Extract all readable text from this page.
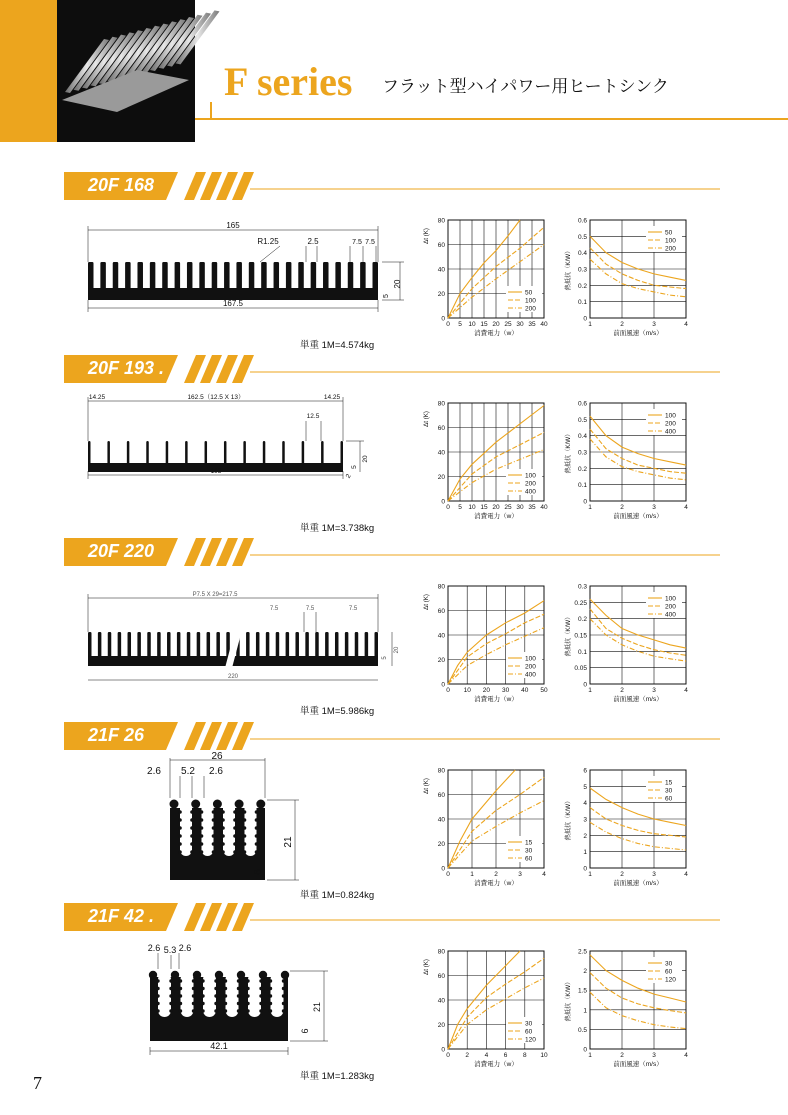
F series フラット型ハイパワー用ヒートシンク
20F 168
単重 1M=4.574kg
165
R1.25	2.5	7.5 7.5
20
5
167.5
0 5 10 15 20 25 30 35 40
0
20
40
60
80
消費電力（w）
Δt (K)
50
100
200
1	2	3	4
0
0.1
0.2
0.3
0.4
0.5
0.6
前面風速（m/s）
熱抵抗（K/W）
50
100
200
20F 193 .
単重 1M=3.738kg
14.25	162.5（12.5 X 13）	14.25
12.5
20
5
2
193
0 5 10 15 20 25 30 35 40
0
20
40
60
80
消費電力（w）
Δt (K)
100
200
400
1	2	3	4
0
0.1
0.2
0.3
0.4
0.5
0.6
前面風速（m/s）
熱抵抗（K/W）
100
200
400
20F 220
単重 1M=5.986kg
P7.5 X 29=217.5
7.5	7.5	7.5
20
5
220
0 10 20 30 40 50
0
20
40
60
80
消費電力（w）
Δt (K)
100
200
400
1	2	3	4
0
0.05
0.1
0.15
0.2
0.25
0.3
前面風速（m/s）
熱抵抗（K/W）
100
200
400
21F 26
単重 1M=0.824kg
26
2.6 5.2 2.6
21
6	0	1	2	3	4
0
20
40
60
80
消費電力（w）
Δt (K)
15
30
60
1	2	3	4
0
1
2
3
4
5
6
前面風速（m/s）
熱抵抗（K/W）
15
30
60
21F 42 .
単重 1M=1.283kg
2.6 5.3 2.6
21
6
42.1
0 2 4 6 8 10
0
20
40
60
80
消費電力（w）
Δt (K)
30
60
120
1	2	3	4
0
0.5
1
1.5
2
2.5
前面風速（m/s）
熱抵抗（K/W）
30
60
120
7
